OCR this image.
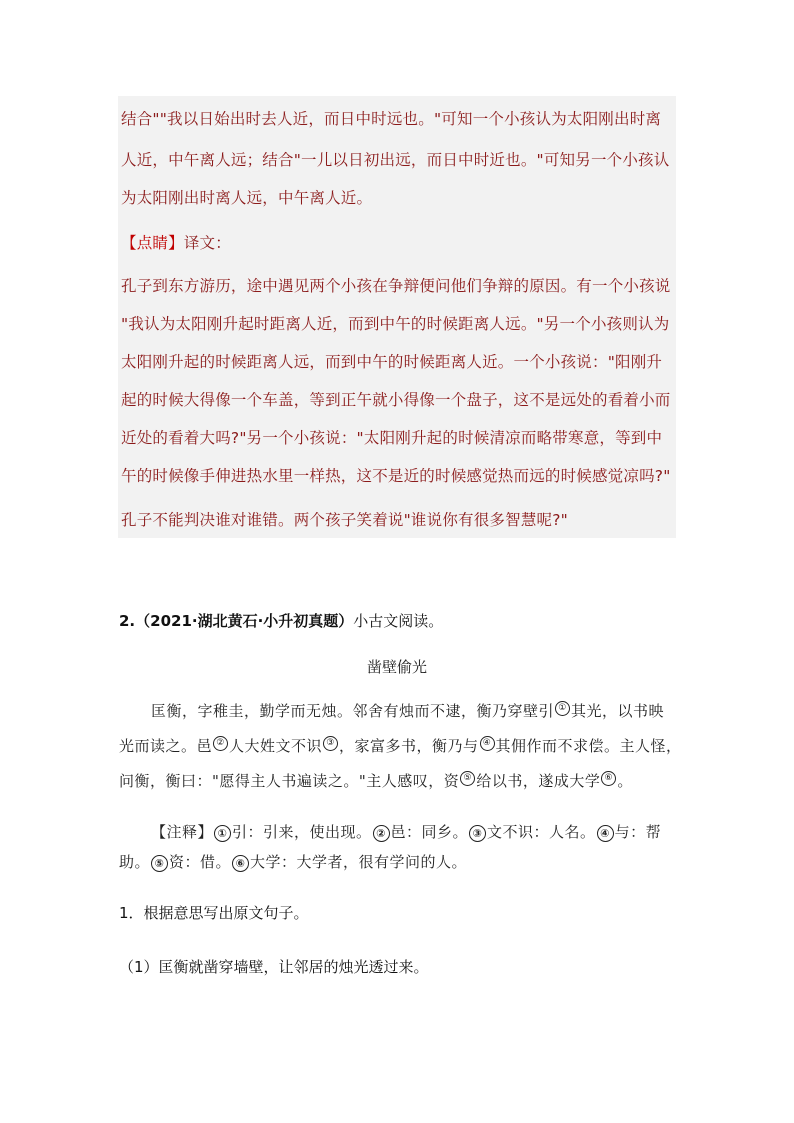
结合""我以日始出时去人近，而日中时远也。"可知一个小孩认为太阳刚出时离

人近，中午离人远；结合"一儿以日初出远，而日中时近也。"可知另一个小孩认

为太阳刚出时离人远，中午离人近。

【点睛】译文：

孔子到东方游历，途中遇见两个小孩在争辩便问他们争辩的原因。有一个小孩说

"我认为太阳刚升起时距离人近，而到中午的时候距离人远。"另一个小孩则认为

太阳刚升起的时候距离人远，而到中午的时候距离人近。一个小孩说："阳刚升

起的时候大得像一个车盖，等到正午就小得像一个盘子，这不是远处的看着小而

近处的看着大吗?"另一个小孩说："太阳刚升起的时候清凉而略带寒意，等到中

午的时候像手伸进热水里一样热，这不是近的时候感觉热而远的时候感觉凉吗?"

孔子不能判决谁对谁错。两个孩子笑着说"谁说你有很多智慧呢?"

2.（2021·湖北黄石·小升初真题）小古文阅读。

凿壁偷光

匡衡，字稚圭，勤学而无烛。邻舍有烛而不逮，衡乃穿壁引 ① 其光，以书映

光而读之。邑 ② 人大姓文不识 ③ ，家富多书，衡乃与 ④ 其佣作而不求偿。主人怪，

问衡，衡曰："愿得主人书遍读之。"主人感叹，资 ⑤ 给以书，遂成大学 ⑥ 。

【注释】 ① 引：引来，使出现。 ② 邑：同乡。 ③ 文不识：人名。 ④ 与：帮

助。 ⑤ 资：借。 ⑥ 大学：大学者，很有学问的人。

1．根据意思写出原文句子。

（1）匡衡就凿穿墙壁，让邻居的烛光透过来。
